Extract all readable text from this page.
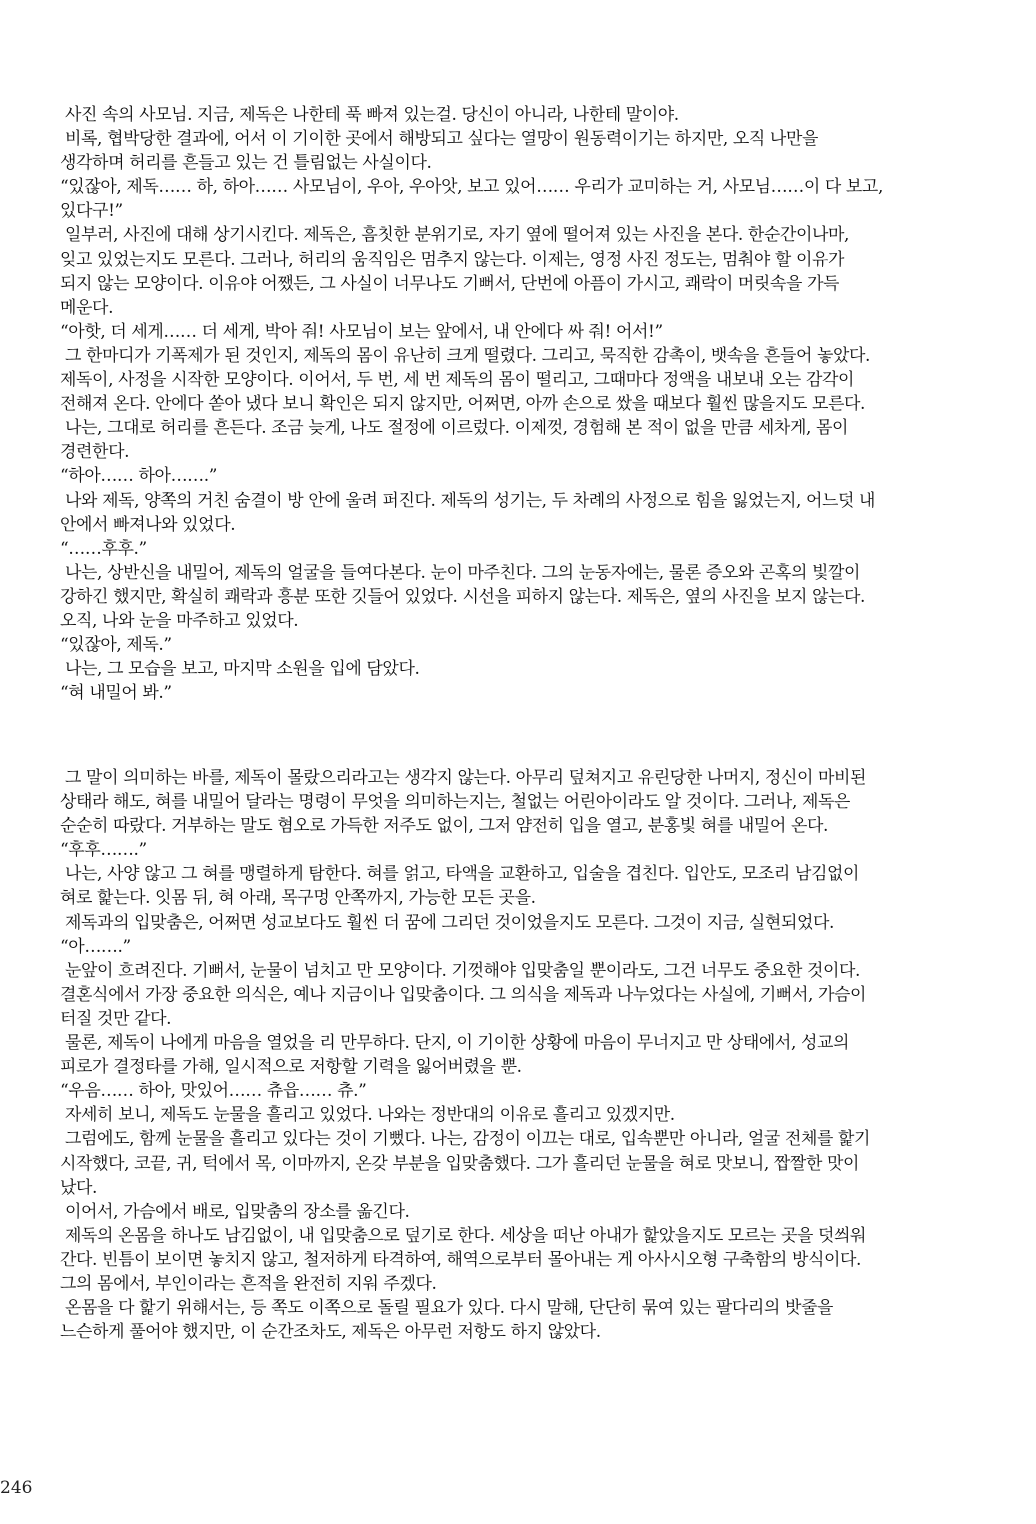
사진 속의 사모님. 지금, 제독은 나한테 푹 빠져 있는걸. 당신이 아니라, 나한테 말이야.

비록, 협박당한 결과에, 어서 이 기이한 곳에서 해방되고 싶다는 열망이 원동력이기는 하지만, 오직 나만을
생각하며 허리를 흔들고 있는 건 틀림없는 사실이다.

“있잖아, 제독…… 하, 하아…… 사모님이, 우아, 우아앗, 보고 있어…… 우리가 교미하는 거, 사모님……이 다 보고,
있다구!”

일부러, 사진에 대해 상기시킨다. 제독은, 흠칫한 분위기로, 자기 옆에 떨어져 있는 사진을 본다. 한순간이나마,
잊고 있었는지도 모른다. 그러나, 허리의 움직임은 멈추지 않는다. 이제는, 영정 사진 정도는, 멈춰야 할 이유가
되지 않는 모양이다. 이유야 어쨌든, 그 사실이 너무나도 기뻐서, 단번에 아픔이 가시고, 쾌락이 머릿속을 가득
메운다.

“아핫, 더 세게…… 더 세게, 박아 줘! 사모님이 보는 앞에서, 내 안에다 싸 줘! 어서!”

그 한마디가 기폭제가 된 것인지, 제독의 몸이 유난히 크게 떨렸다. 그리고, 묵직한 감촉이, 뱃속을 흔들어 놓았다.
제독이, 사정을 시작한 모양이다. 이어서, 두 번, 세 번 제독의 몸이 떨리고, 그때마다 정액을 내보내 오는 감각이
전해져 온다. 안에다 쏟아 냈다 보니 확인은 되지 않지만, 어쩌면, 아까 손으로 쌌을 때보다 훨씬 많을지도 모른다.

나는, 그대로 허리를 흔든다. 조금 늦게, 나도 절정에 이르렀다. 이제껏, 경험해 본 적이 없을 만큼 세차게, 몸이
경련한다.

“하아…… 하아…….”

나와 제독, 양쪽의 거친 숨결이 방 안에 울려 퍼진다. 제독의 성기는, 두 차례의 사정으로 힘을 잃었는지, 어느덧 내
안에서 빠져나와 있었다.

“……후후.”

나는, 상반신을 내밀어, 제독의 얼굴을 들여다본다. 눈이 마주친다. 그의 눈동자에는, 물론 증오와 곤혹의 빛깔이
강하긴 했지만, 확실히 쾌락과 흥분 또한 깃들어 있었다. 시선을 피하지 않는다. 제독은, 옆의 사진을 보지 않는다.
오직, 나와 눈을 마주하고 있었다.

“있잖아, 제독.”

나는, 그 모습을 보고, 마지막 소원을 입에 담았다.

“혀 내밀어 봐.”

그 말이 의미하는 바를, 제독이 몰랐으리라고는 생각지 않는다. 아무리 덮쳐지고 유린당한 나머지, 정신이 마비된
상태라 해도, 혀를 내밀어 달라는 명령이 무엇을 의미하는지는, 철없는 어린아이라도 알 것이다. 그러나, 제독은
순순히 따랐다. 거부하는 말도 혐오로 가득한 저주도 없이, 그저 얌전히 입을 열고, 분홍빛 혀를 내밀어 온다.

“후후…….”

나는, 사양 않고 그 혀를 맹렬하게 탐한다. 혀를 얽고, 타액을 교환하고, 입술을 겹친다. 입안도, 모조리 남김없이
혀로 핥는다. 잇몸 뒤, 혀 아래, 목구멍 안쪽까지, 가능한 모든 곳을.

제독과의 입맞춤은, 어쩌면 성교보다도 훨씬 더 꿈에 그리던 것이었을지도 모른다. 그것이 지금, 실현되었다.

“아…….”

눈앞이 흐려진다. 기뻐서, 눈물이 넘치고 만 모양이다. 기껏해야 입맞춤일 뿐이라도, 그건 너무도 중요한 것이다.
결혼식에서 가장 중요한 의식은, 예나 지금이나 입맞춤이다. 그 의식을 제독과 나누었다는 사실에, 기뻐서, 가슴이
터질 것만 같다.

물론, 제독이 나에게 마음을 열었을 리 만무하다. 단지, 이 기이한 상황에 마음이 무너지고 만 상태에서, 성교의
피로가 결정타를 가해, 일시적으로 저항할 기력을 잃어버렸을 뿐.

“우음…… 하아, 맛있어…… 츄읍…… 츄.”

자세히 보니, 제독도 눈물을 흘리고 있었다. 나와는 정반대의 이유로 흘리고 있겠지만.

그럼에도, 함께 눈물을 흘리고 있다는 것이 기뻤다. 나는, 감정이 이끄는 대로, 입속뿐만 아니라, 얼굴 전체를 핥기
시작했다, 코끝, 귀, 턱에서 목, 이마까지, 온갖 부분을 입맞춤했다. 그가 흘리던 눈물을 혀로 맛보니, 짭짤한 맛이
났다.

이어서, 가슴에서 배로, 입맞춤의 장소를 옮긴다.

제독의 온몸을 하나도 남김없이, 내 입맞춤으로 덮기로 한다. 세상을 떠난 아내가 핥았을지도 모르는 곳을 덧씌워
간다. 빈틈이 보이면 놓치지 않고, 철저하게 타격하여, 해역으로부터 몰아내는 게 아사시오형 구축함의 방식이다.
그의 몸에서, 부인이라는 흔적을 완전히 지워 주겠다.

온몸을 다 핥기 위해서는, 등 쪽도 이쪽으로 돌릴 필요가 있다. 다시 말해, 단단히 묶여 있는 팔다리의 밧줄을
느슨하게 풀어야 했지만, 이 순간조차도, 제독은 아무런 저항도 하지 않았다.

246
